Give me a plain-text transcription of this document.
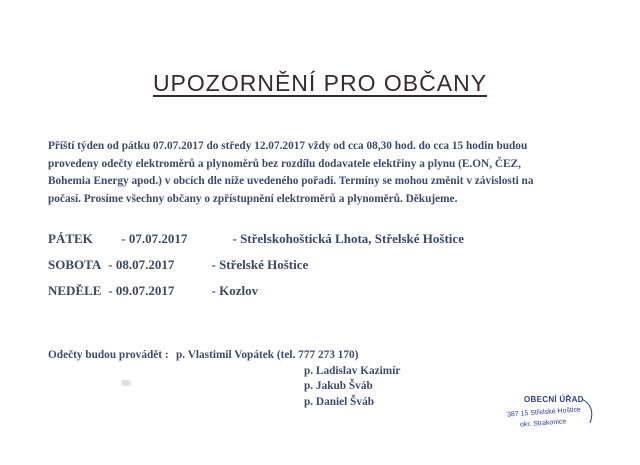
UPOZORNĚNÍ PRO OBČANY
Příští týden od pátku 07.07.2017 do středy 12.07.2017 vždy od cca 08,30 hod. do cca 15 hodin budou
provedeny odečty elektroměrů a plynoměrů bez rozdílu dodavatele elektřiny a plynu (E.ON, ČEZ,
Bohemia Energy apod.) v obcích dle níže uvedeného pořadí. Termíny se mohou změnit v závislosti na
počasí. Prosíme všechny občany o zpřístupnění elektroměrů a plynoměrů. Děkujeme.
PÁTEK - 07.07.2017	- Střelskohoštická Lhota, Střelské Hoštice
SOBOTA - 08.07.2017	- Střelské Hoštice
NEDĚLE - 09.07.2017	- Kozlov
Odečty budou provádět : p. Vlastimil Vopátek (tel. 777 273 170)
p. Ladislav Kazimír
p. Jakub Šváb
p. Daniel Šváb	OBECNÍ ÚŘAD
387 15 Střelské Hoštice
okr. Strakonice
